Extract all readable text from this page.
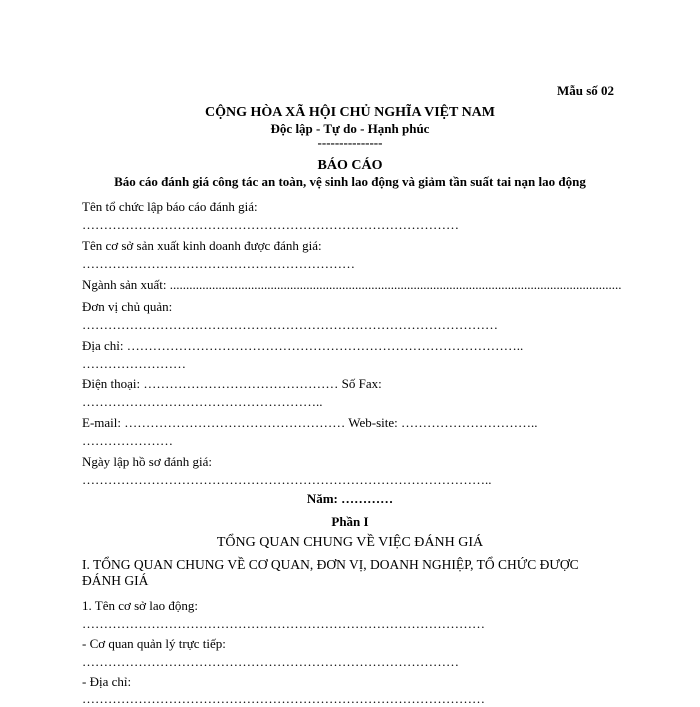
Mẫu số 02
CỘNG HÒA XÃ HỘI CHỦ NGHĨA VIỆT NAM
Độc lập - Tự do - Hạnh phúc
---------------
BÁO CÁO
Báo cáo đánh giá công tác an toàn, vệ sinh lao động và giảm tần suất tai nạn lao động
Tên tổ chức lập báo cáo đánh giá:
……………………………………………………………………………
Tên cơ sở sản xuất kinh doanh được đánh giá:
………………………………………………………
Ngành sản xuất: ...........................................................................................................................................
Đơn vị chủ quản:
……………………………………………………………………………………
Địa chỉ: ………………………………………………………………………………..
……………………
Điện thoại: ……………………………………… Số Fax:
………………………………………………..
E-mail: …………………………………………… Web-site: …………………………..
…………………
Ngày lập hồ sơ đánh giá:
…………………………………………………………………………………..
Năm: …………
Phần I
TỔNG QUAN CHUNG VỀ VIỆC ĐÁNH GIÁ
I. TỔNG QUAN CHUNG VỀ CƠ QUAN, ĐƠN VỊ, DOANH NGHIỆP, TỔ CHỨC ĐƯỢC
ĐÁNH GIÁ
1. Tên cơ sở lao động:
…………………………………………………………………………………
- Cơ quan quản lý trực tiếp:
……………………………………………………………………………
- Địa chỉ:
…………………………………………………………………………………
